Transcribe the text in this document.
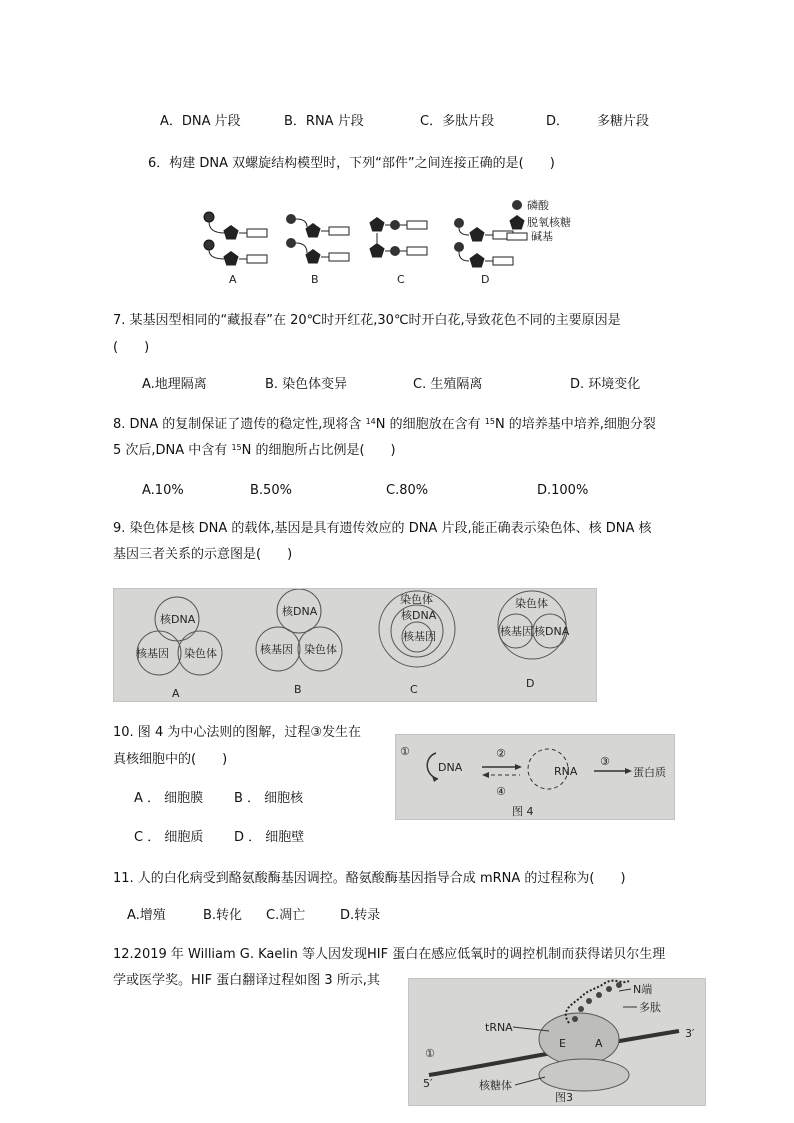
A．DNA 片段	B．RNA 片段	C．多肽片段	D． 多糖片段
6．构建 DNA 双螺旋结构模型时，下列“部件”之间连接正确的是(　　)
磷酸
脱氧核糖
碱基
A	B	C	D
7. 某基因型相同的“藏报春”在 20℃时开红花,30℃时开白花,导致花色不同的主要原因是
(　　)
A.地理隔离	B. 染色体变异	C. 生殖隔离	D. 环境变化
8. DNA 的复制保证了遗传的稳定性,现将含 $^{14}$N 的细胞放在含有 $^{15}$N 的培养基中培养,细胞分裂
5 次后,DNA 中含有 $^{15}$N 的细胞所占比例是(　　)
A.10%	B.50%	C.80%	D.100%
9. 染色体是核 DNA 的载体,基因是具有遗传效应的 DNA 片段,能正确表示染色体、核 DNA 核
基因三者关系的示意图是(　　)
核DNA
核基因 染色体
核DNA
核基因 染色体
染色体
核DNA
核基因
染色体
核基因 核DNA
A	B	C	D
10. 图 4 为中心法则的图解，过程③发生在
真核细胞中的(　　)
A ． 细胞膜 B ． 细胞核
C ． 细胞质 D ． 细胞壁
①
DNA
②
④
RNA
③
蛋白质
图 4
11. 人的白化病受到酪氨酸酶基因调控。酪氨酸酶基因指导合成 mRNA 的过程称为(　　)
A.增殖	B.转化 C.凋亡	D.转录
12.2019 年 William G. Kaelin 等人因发现HIF 蛋白在感应低氧时的调控机制而获得诺贝尔生理
学或医学奖。HIF 蛋白翻译过程如图 3 所示,其
E	A
N端
多肽
tRNA
①
3′
5′	核糖体
图3
